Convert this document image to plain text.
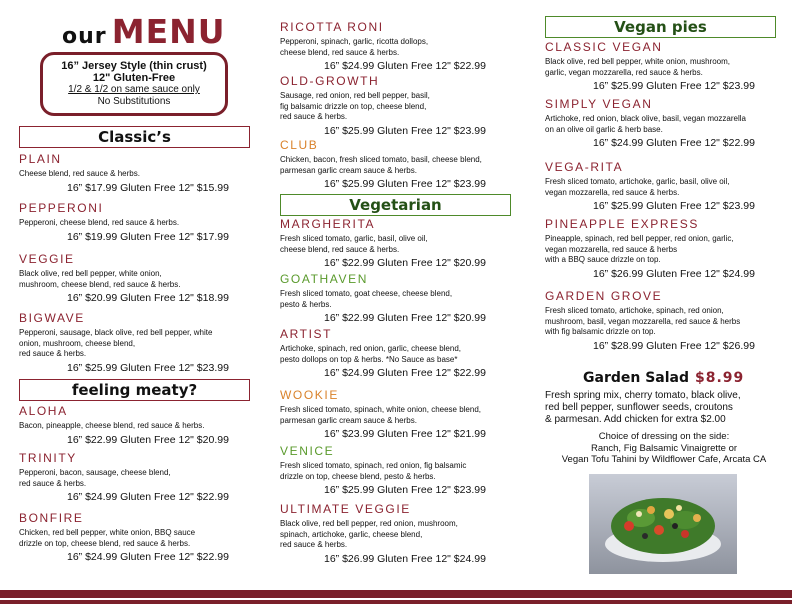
our MENU
16” Jersey Style (thin crust)
12" Gluten-Free
1/2 & 1/2 on same sauce only
No Substitutions
Classic’s
PLAIN
Cheese blend, red sauce & herbs.
16” $17.99 Gluten Free 12" $15.99
PEPPERONI
Pepperoni, cheese blend, red sauce & herbs.
16” $19.99 Gluten Free 12" $17.99
VEGGIE
Black olive, red bell pepper, white onion,
mushroom, cheese blend, red sauce & herbs.
16” $20.99 Gluten Free 12" $18.99
BIGWAVE
Pepperoni, sausage, black olive, red bell pepper, white
onion, mushroom, cheese blend,
red sauce & herbs.
16” $25.99 Gluten Free 12" $23.99
feeling meaty?
ALOHA
Bacon, pineapple, cheese blend, red sauce & herbs.
16” $22.99 Gluten Free 12" $20.99
TRINITY
Pepperoni, bacon, sausage, cheese blend,
red sauce & herbs.
16” $24.99 Gluten Free 12" $22.99
BONFIRE
Chicken, red bell pepper, white onion, BBQ sauce
drizzle on top, cheese blend, red sauce & herbs.
16” $24.99 Gluten Free 12" $22.99
RICOTTA RONI
Pepperoni, spinach, garlic, ricotta dollops,
cheese blend, red sauce & herbs.
16” $24.99 Gluten Free 12" $22.99
OLD-GROWTH
Sausage, red onion, red bell pepper, basil,
fig balsamic drizzle on top, cheese blend,
red sauce & herbs.
16” $25.99 Gluten Free 12" $23.99
CLUB
Chicken, bacon, fresh sliced tomato, basil, cheese blend,
parmesan garlic cream sauce & herbs.
16” $25.99 Gluten Free 12" $23.99
Vegetarian
MARGHERITA
Fresh sliced tomato, garlic, basil, olive oil,
cheese blend, red sauce & herbs.
16” $22.99 Gluten Free 12" $20.99
GOATHAVEN
Fresh sliced tomato, goat cheese, cheese blend,
pesto & herbs.
16” $22.99 Gluten Free 12" $20.99
ARTIST
Artichoke, spinach, red onion, garlic, cheese blend,
pesto dollops on top & herbs. *No Sauce as base*
16” $24.99 Gluten Free 12" $22.99
WOOKIE
Fresh sliced tomato, spinach, white onion, cheese blend,
parmesan garlic cream sauce & herbs.
16” $23.99 Gluten Free 12" $21.99
VENICE
Fresh sliced tomato, spinach, red onion, fig balsamic
drizzle on top, cheese blend, pesto & herbs.
16” $25.99 Gluten Free 12" $23.99
ULTIMATE VEGGIE
Black olive, red bell pepper, red onion, mushroom,
spinach, artichoke, garlic, cheese blend,
red sauce & herbs.
16” $26.99 Gluten Free 12" $24.99
Vegan pies
CLASSIC VEGAN
Black olive, red bell pepper, white onion, mushroom,
garlic, vegan mozzarella, red sauce & herbs.
16” $25.99 Gluten Free 12" $23.99
SIMPLY VEGAN
Artichoke, red onion, black olive, basil, vegan mozzarella
on an olive oil garlic & herb base.
16” $24.99 Gluten Free 12" $22.99
VEGA-RITA
Fresh sliced tomato, artichoke, garlic, basil, olive oil,
vegan mozzarella, red sauce & herbs.
16” $25.99 Gluten Free 12" $23.99
PINEAPPLE EXPRESS
Pineapple, spinach, red bell pepper, red onion, garlic,
vegan mozzarella, red sauce & herbs
with a BBQ sauce drizzle on top.
16” $26.99 Gluten Free 12" $24.99
GARDEN GROVE
Fresh sliced tomato, artichoke, spinach, red onion,
mushroom, basil, vegan mozzarella, red sauce & herbs
with fig balsamic drizzle on top.
16” $28.99 Gluten Free 12" $26.99
Garden Salad $8.99
Fresh spring mix, cherry tomato, black olive,
red bell pepper, sunflower seeds, croutons
& parmesan. Add chicken for extra $2.00
Choice of dressing on the side:
Ranch, Fig Balsamic Vinaigrette or
Vegan Tofu Tahini by Wildflower Cafe, Arcata CA
